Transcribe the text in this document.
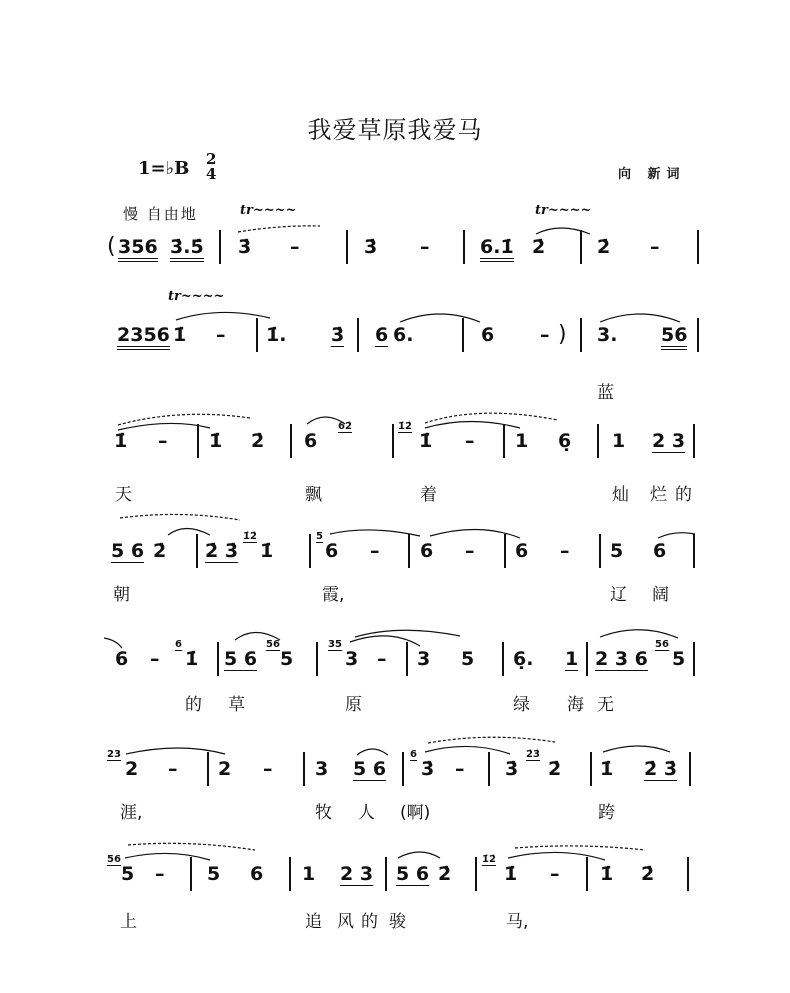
我爱草原我爱马
1=♭B 2
4	向 新词
慢 自由地	tr~~~~	tr~~~~
tr~~~~
( 356 3̇.5̇ 3̇ –	3̇ –	6.1̇ 2̇	2̇ –
2356 1̇ – 1̇. 3̇ 6 6.	6 – ) 3. 56
蓝
1̇ – 1̇ 2̇ 6
62̇	1̇2̇
1̇ – 1 6̣ 1 2 3
天	飘	着	灿 烂 的
5 6 2̇ 2̇ 3̇
1̇2̇
1̇
5
6 – 6 – 6 – 5 6
朝	霞,	辽 阔
6 –
6
1̇ 5 6
56
5
35
3 – 3 5 6̣. 1 2 3 6
56
5
的 草	原	绿 海 无
23
2 – 2 – 3 5 6
6
3̇ – 3̇
2̇3̇
2̇ 1̇ 2̇ 3̇
涯,	牧 人 (啊)	跨
56
5 – 5 6 1 2 3 5 6 2̇
1̇2̇
1̇ – 1̇ 2̇
上	追 风 的 骏	马,
